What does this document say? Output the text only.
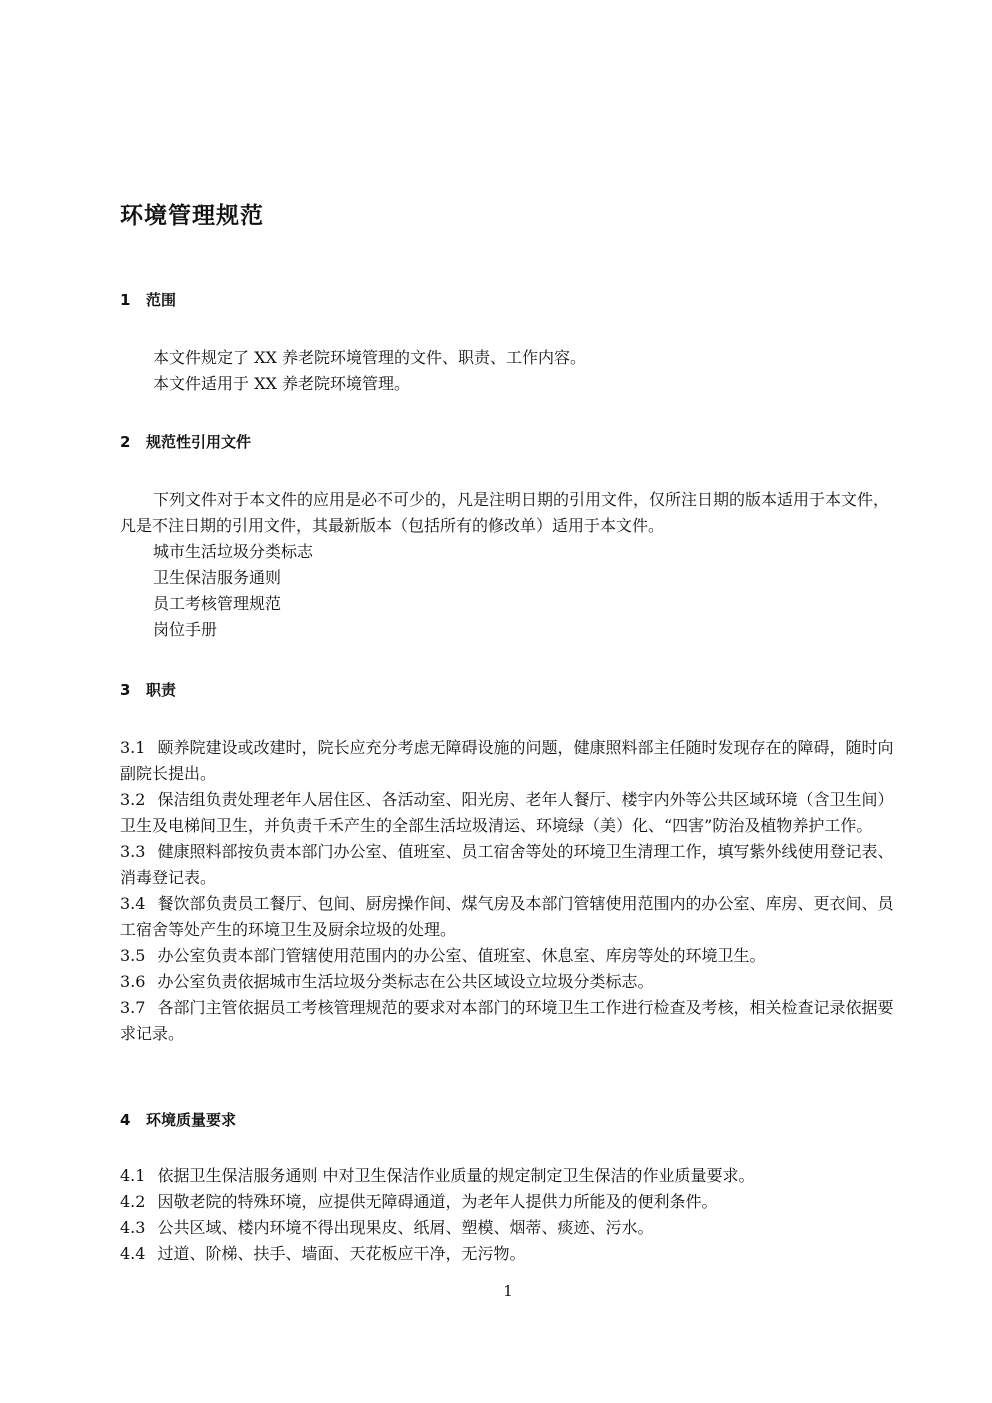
环境管理规范

1 范围

本文件规定了 XX 养老院环境管理的文件、职责、工作内容。

本文件适用于 XX 养老院环境管理。

2 规范性引用文件

下列文件对于本文件的应用是必不可少的，凡是注明日期的引用文件，仅所注日期的版本适用于本文件，凡是不注日期的引用文件，其最新版本（包括所有的修改单）适用于本文件。

城市生活垃圾分类标志

卫生保洁服务通则

员工考核管理规范

岗位手册

3 职责

3.1 颐养院建设或改建时，院长应充分考虑无障碍设施的问题，健康照料部主任随时发现存在的障碍，随时向副院长提出。

3.2 保洁组负责处理老年人居住区、各活动室、阳光房、老年人餐厅、楼宇内外等公共区域环境（含卫生间）卫生及电梯间卫生，并负责千禾产生的全部生活垃圾清运、环境绿（美）化、“四害”防治及植物养护工作。

3.3 健康照料部按负责本部门办公室、值班室、员工宿舍等处的环境卫生清理工作，填写紫外线使用登记表、消毒登记表。

3.4 餐饮部负责员工餐厅、包间、厨房操作间、煤气房及本部门管辖使用范围内的办公室、库房、更衣间、员工宿舍等处产生的环境卫生及厨余垃圾的处理。

3.5 办公室负责本部门管辖使用范围内的办公室、值班室、休息室、库房等处的环境卫生。

3.6 办公室负责依据城市生活垃圾分类标志在公共区域设立垃圾分类标志。

3.7 各部门主管依据员工考核管理规范的要求对本部门的环境卫生工作进行检查及考核，相关检查记录依据要求记录。

4 环境质量要求

4.1 依据卫生保洁服务通则 中对卫生保洁作业质量的规定制定卫生保洁的作业质量要求。

4.2 因敬老院的特殊环境，应提供无障碍通道，为老年人提供力所能及的便利条件。

4.3 公共区域、楼内环境不得出现果皮、纸屑、塑模、烟蒂、痰迹、污水。

4.4 过道、阶梯、扶手、墙面、天花板应干净，无污物。

1
